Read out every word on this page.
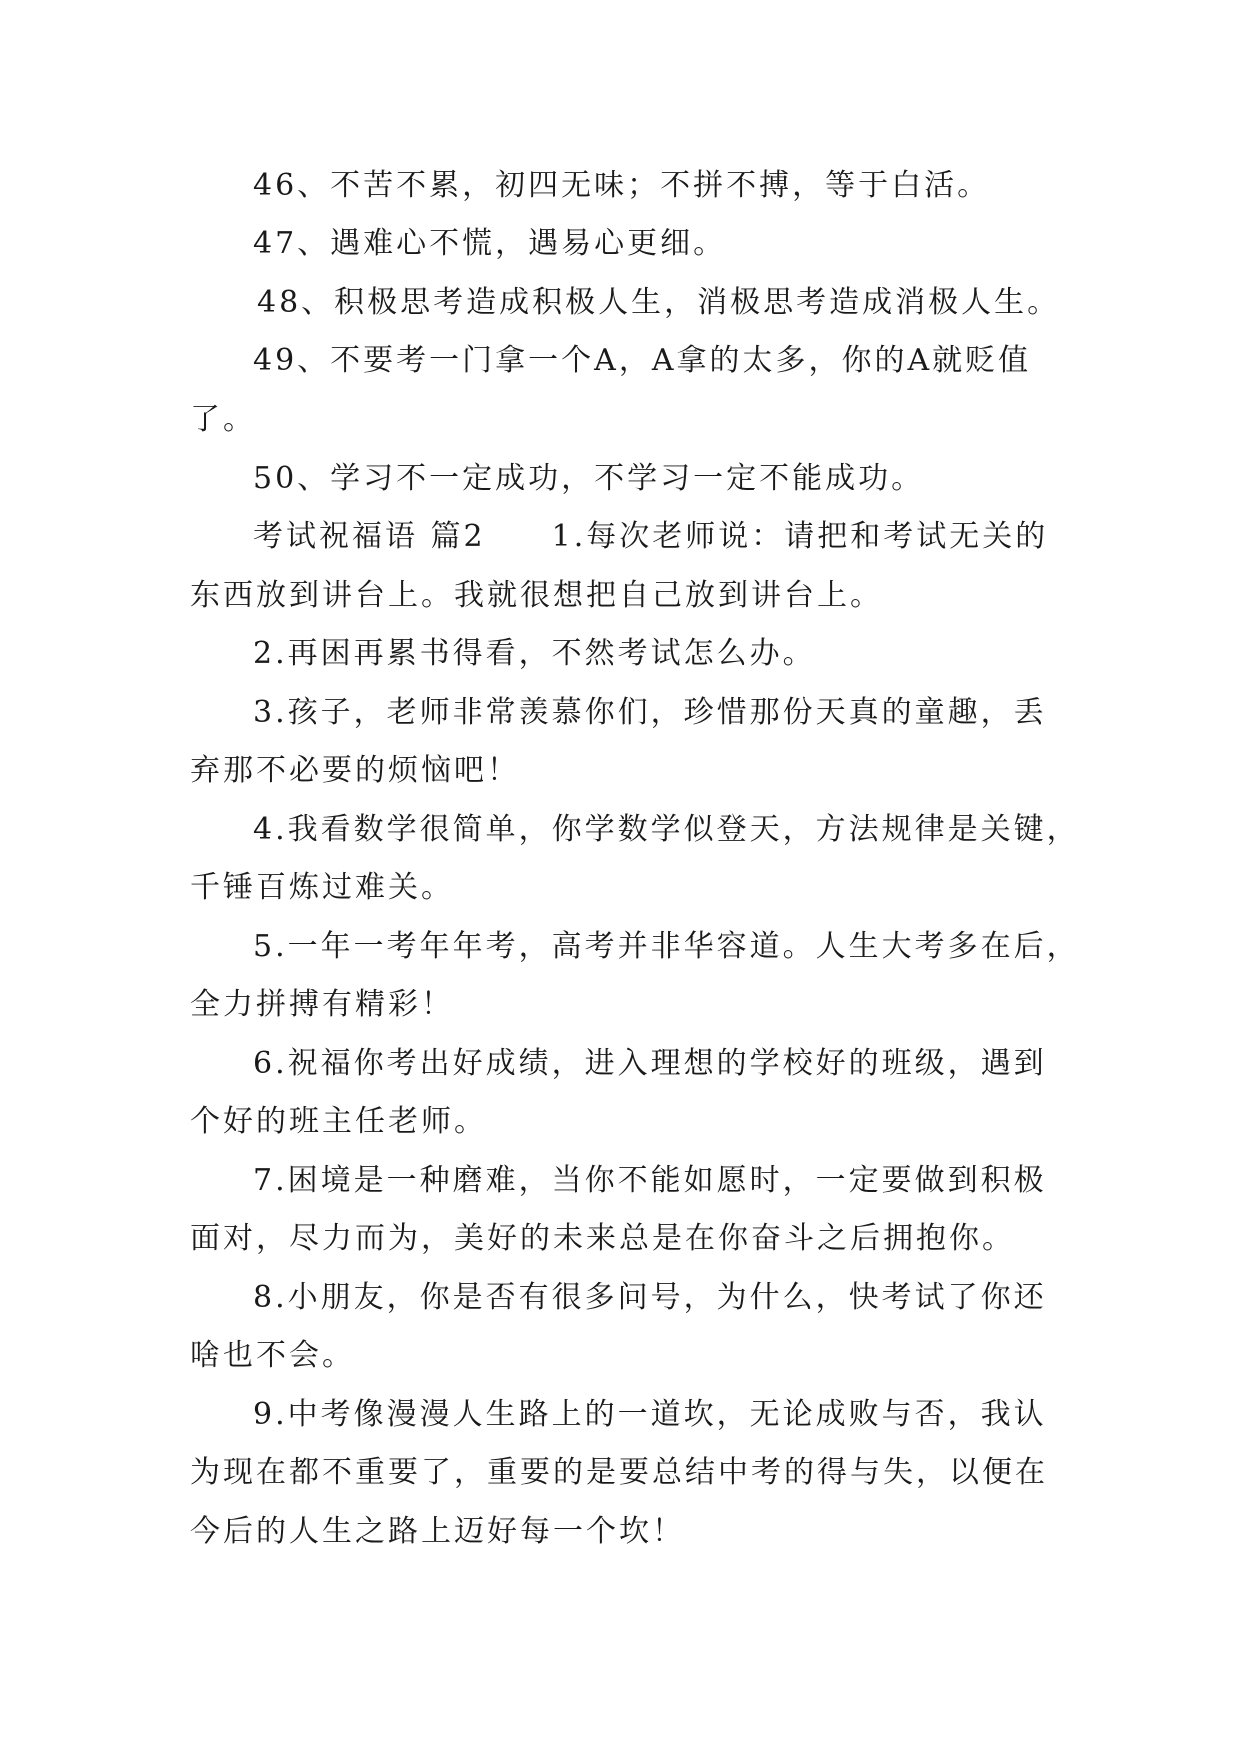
46、不苦不累，初四无味；不拼不搏，等于白活。
47、遇难心不慌，遇易心更细。
48、积极思考造成积极人生，消极思考造成消极人生。
49、不要考一门拿一个A，A拿的太多，你的A就贬值
了。
50、学习不一定成功，不学习一定不能成功。
考试祝福语 篇2 1.每次老师说：请把和考试无关的
东西放到讲台上。我就很想把自己放到讲台上。
2.再困再累书得看，不然考试怎么办。
3.孩子，老师非常羡慕你们，珍惜那份天真的童趣，丢
弃那不必要的烦恼吧！
4.我看数学很简单，你学数学似登天，方法规律是关键，
千锤百炼过难关。
5.一年一考年年考，高考并非华容道。人生大考多在后，
全力拼搏有精彩！
6.祝福你考出好成绩，进入理想的学校好的班级，遇到
个好的班主任老师。
7.困境是一种磨难，当你不能如愿时，一定要做到积极
面对，尽力而为，美好的未来总是在你奋斗之后拥抱你。
8.小朋友，你是否有很多问号，为什么，快考试了你还
啥也不会。
9.中考像漫漫人生路上的一道坎，无论成败与否，我认
为现在都不重要了，重要的是要总结中考的得与失，以便在
今后的人生之路上迈好每一个坎！
